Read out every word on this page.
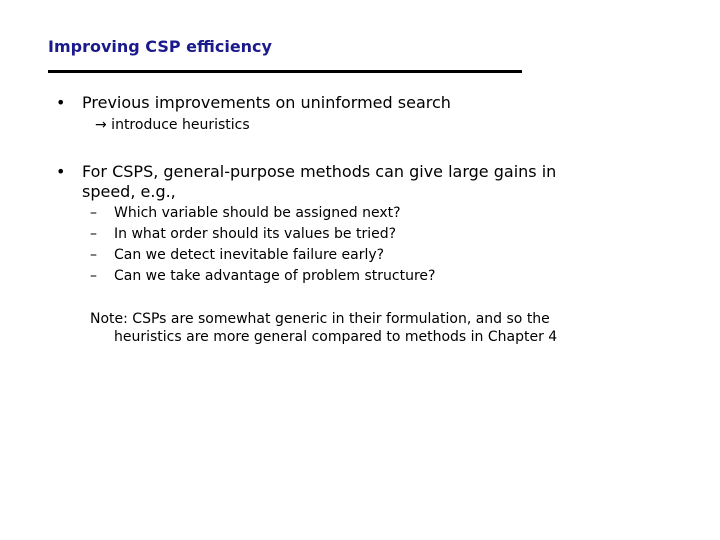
Improving CSP efficiency
• Previous improvements on uninformed search
→ introduce heuristics
• For CSPS, general-purpose methods can give large gains in
speed, e.g.,
– Which variable should be assigned next?
– In what order should its values be tried?
– Can we detect inevitable failure early?
– Can we take advantage of problem structure?
Note: CSPs are somewhat generic in their formulation, and so the
heuristics are more general compared to methods in Chapter 4
